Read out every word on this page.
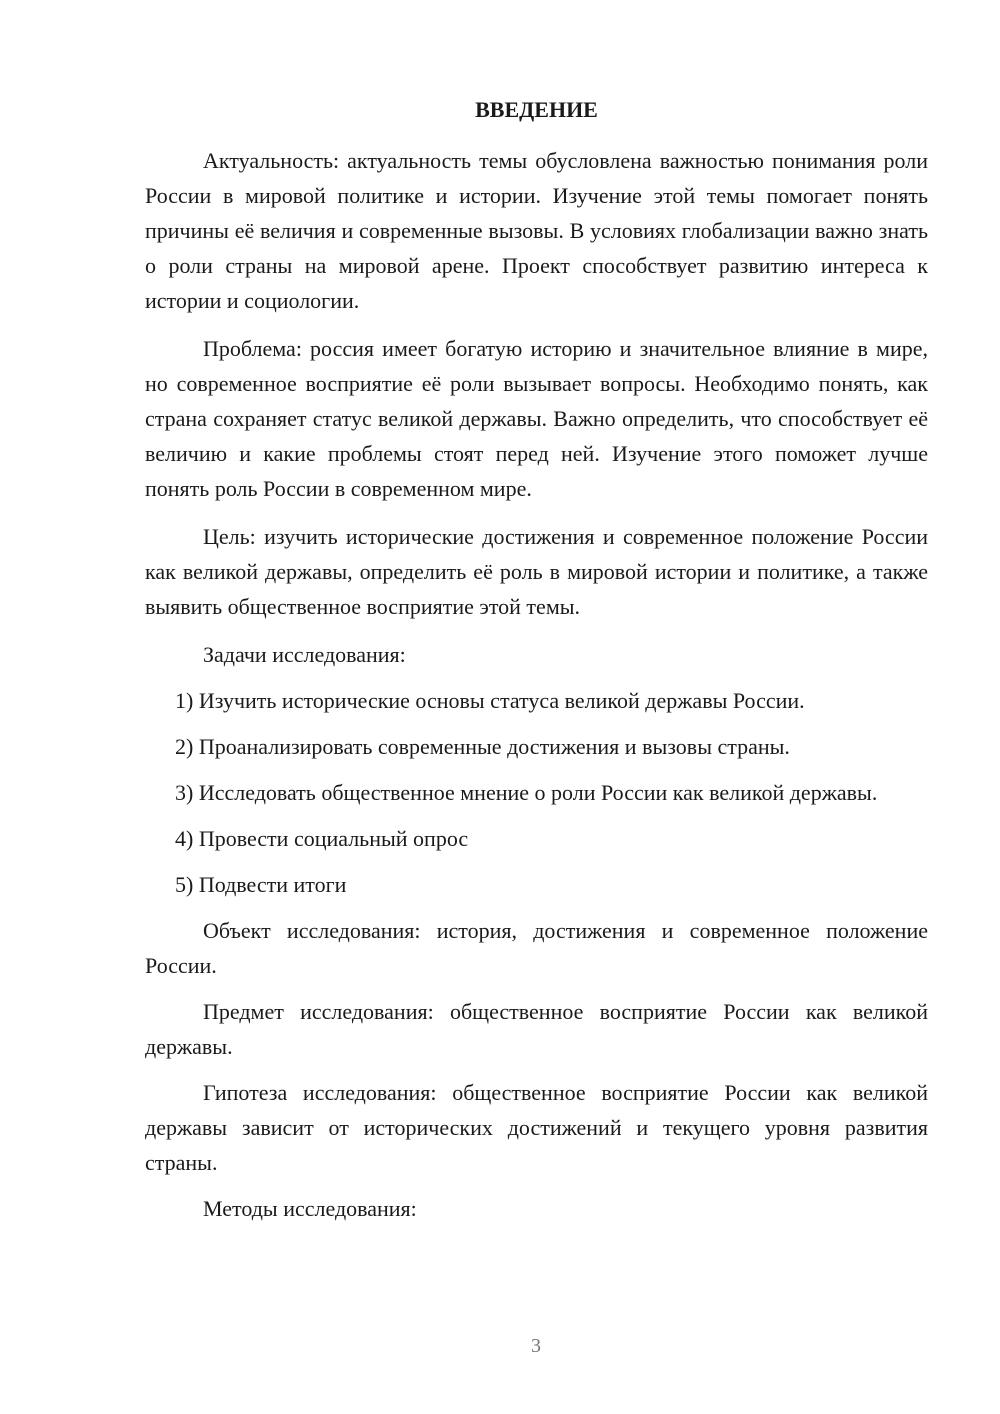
ВВЕДЕНИЕ

Актуальность: актуальность темы обусловлена важностью понимания роли России в мировой политике и истории. Изучение этой темы помогает понять причины её величия и современные вызовы. В условиях глобализации важно знать о роли страны на мировой арене. Проект способствует развитию интереса к истории и социологии.

Проблема: россия имеет богатую историю и значительное влияние в мире, но современное восприятие её роли вызывает вопросы. Необходимо понять, как страна сохраняет статус великой державы. Важно определить, что способствует её величию и какие проблемы стоят перед ней. Изучение этого поможет лучше понять роль России в современном мире.

Цель: изучить исторические достижения и современное положение России как великой державы, определить её роль в мировой истории и политике, а также выявить общественное восприятие этой темы.

Задачи исследования:

1) Изучить исторические основы статуса великой державы России.

2) Проанализировать современные достижения и вызовы страны.

3) Исследовать общественное мнение о роли России как великой державы.

4) Провести социальный опрос

5) Подвести итоги

Объект исследования: история, достижения и современное положение России.

Предмет исследования: общественное восприятие России как великой державы.

Гипотеза исследования: общественное восприятие России как великой державы зависит от исторических достижений и текущего уровня развития страны.

Методы исследования:

3
